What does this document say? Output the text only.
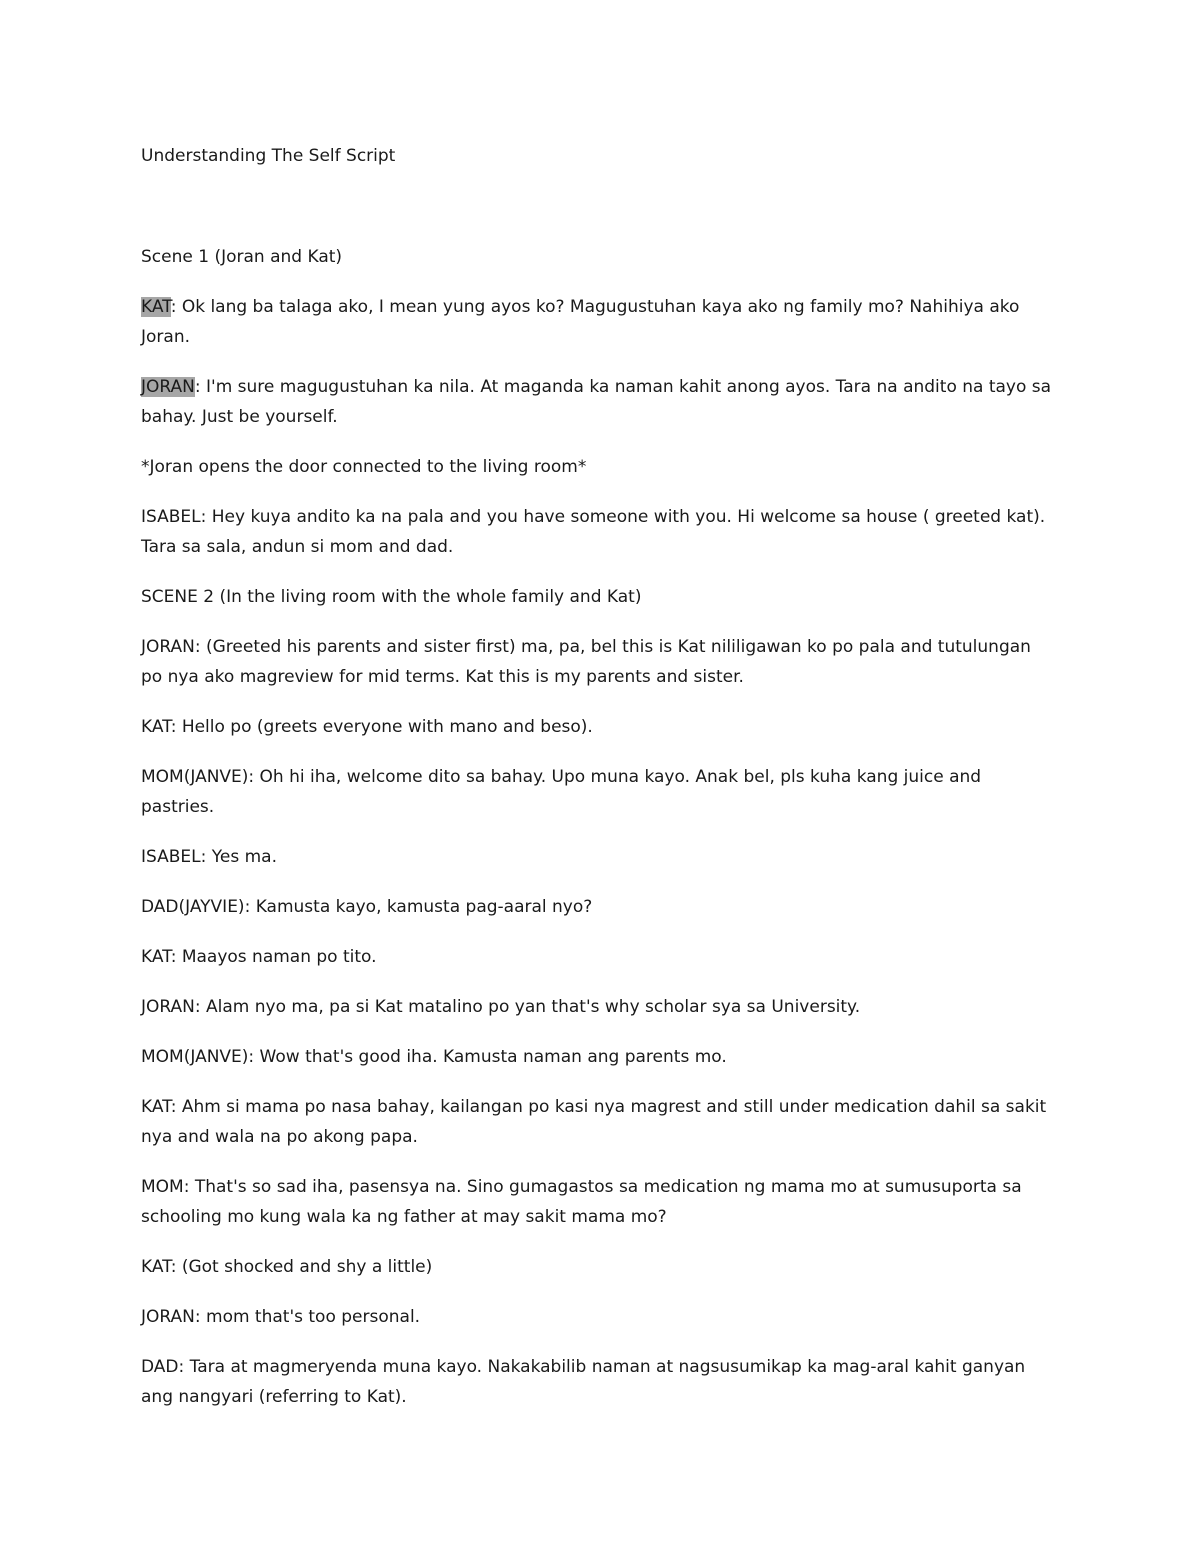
Understanding The Self Script

Scene 1 (Joran and Kat)

KAT: Ok lang ba talaga ako, I mean yung ayos ko? Magugustuhan kaya ako ng family mo? Nahihiya ako Joran.

JORAN: I'm sure magugustuhan ka nila. At maganda ka naman kahit anong ayos. Tara na andito na tayo sa bahay. Just be yourself.

*Joran opens the door connected to the living room*

ISABEL: Hey kuya andito ka na pala and you have someone with you. Hi welcome sa house ( greeted kat). Tara sa sala, andun si mom and dad.

SCENE 2 (In the living room with the whole family and Kat)

JORAN: (Greeted his parents and sister first) ma, pa, bel this is Kat nililigawan ko po pala and tutulungan po nya ako magreview for mid terms. Kat this is my parents and sister.

KAT: Hello po (greets everyone with mano and beso).

MOM(JANVE): Oh hi iha, welcome dito sa bahay. Upo muna kayo. Anak bel, pls kuha kang juice and pastries.

ISABEL: Yes ma.

DAD(JAYVIE): Kamusta kayo, kamusta pag-aaral nyo?

KAT: Maayos naman po tito.

JORAN: Alam nyo ma, pa si Kat matalino po yan that's why scholar sya sa University.

MOM(JANVE): Wow that's good iha. Kamusta naman ang parents mo.

KAT: Ahm si mama po nasa bahay, kailangan po kasi nya magrest and still under medication dahil sa sakit nya and wala na po akong papa.

MOM: That's so sad iha, pasensya na. Sino gumagastos sa medication ng mama mo at sumusuporta sa schooling mo kung wala ka ng father at may sakit mama mo?

KAT: (Got shocked and shy a little)

JORAN: mom that's too personal.

DAD: Tara at magmeryenda muna kayo. Nakakabilib naman at nagsusumikap ka mag-aral kahit ganyan ang nangyari (referring to Kat).
